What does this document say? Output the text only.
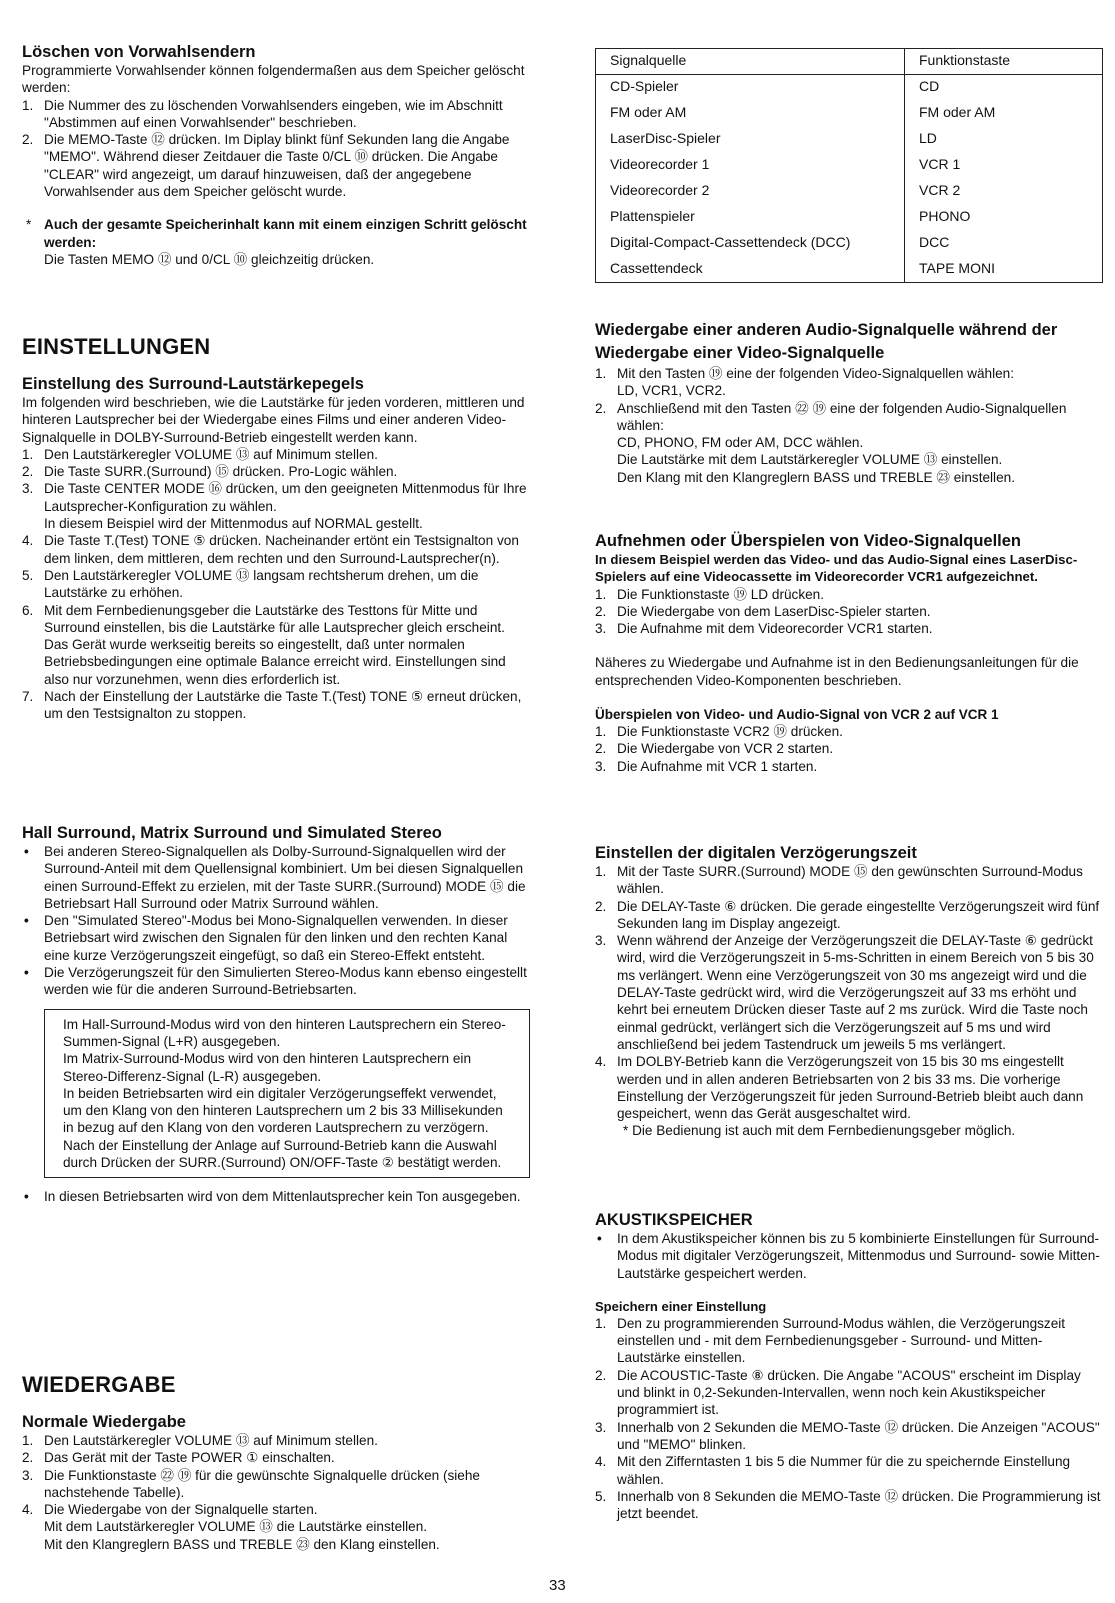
Löschen von Vorwahlsendern

Programmierte Vorwahlsender können folgendermaßen aus dem Speicher gelöscht werden:

1. Die Nummer des zu löschenden Vorwahlsenders eingeben, wie im Abschnitt "Abstimmen auf einen Vorwahlsender" beschrieben.
2. Die MEMO-Taste ⑫ drücken. Im Diplay blinkt fünf Sekunden lang die Angabe "MEMO". Während dieser Zeitdauer die Taste 0/CL ⑩ drücken. Die Angabe "CLEAR" wird angezeigt, um darauf hinzuweisen, daß der angegebene Vorwahlsender aus dem Speicher gelöscht wurde.
* Auch der gesamte Speicherinhalt kann mit einem einzigen Schritt gelöscht werden:
Die Tasten MEMO ⑫ und 0/CL ⑩ gleichzeitig drücken.
EINSTELLUNGEN
Einstellung des Surround-Lautstärkepegels

Im folgenden wird beschrieben, wie die Lautstärke für jeden vorderen, mittleren und hinteren Lautsprecher bei der Wiedergabe eines Films und einer anderen Video-Signalquelle in DOLBY-Surround-Betrieb eingestellt werden kann.

1. Den Lautstärkeregler VOLUME ⑬ auf Minimum stellen.
2. Die Taste SURR.(Surround) ⑮ drücken. Pro-Logic wählen.
3. Die Taste CENTER MODE ⑯ drücken, um den geeigneten Mittenmodus für Ihre Lautsprecher-Konfiguration zu wählen.
In diesem Beispiel wird der Mittenmodus auf NORMAL gestellt.
4. Die Taste T.(Test) TONE ⑤ drücken. Nacheinander ertönt ein Testsignalton von dem linken, dem mittleren, dem rechten und den Surround-Lautsprecher(n).
5. Den Lautstärkeregler VOLUME ⑬ langsam rechtsherum drehen, um die Lautstärke zu erhöhen.
6. Mit dem Fernbedienungsgeber die Lautstärke des Testtons für Mitte und Surround einstellen, bis die Lautstärke für alle Lautsprecher gleich erscheint.
Das Gerät wurde werkseitig bereits so eingestellt, daß unter normalen Betriebsbedingungen eine optimale Balance erreicht wird. Einstellungen sind also nur vorzunehmen, wenn dies erforderlich ist.
7. Nach der Einstellung der Lautstärke die Taste T.(Test) TONE ⑤ erneut drücken, um den Testsignalton zu stoppen.
Hall Surround, Matrix Surround und Simulated Stereo
• Bei anderen Stereo-Signalquellen als Dolby-Surround-Signalquellen wird der Surround-Anteil mit dem Quellensignal kombiniert. Um bei diesen Signalquellen einen Surround-Effekt zu erzielen, mit der Taste SURR.(Surround) MODE ⑮ die Betriebsart Hall Surround oder Matrix Surround wählen.
• Den "Simulated Stereo"-Modus bei Mono-Signalquellen verwenden. In dieser Betriebsart wird zwischen den Signalen für den linken und den rechten Kanal eine kurze Verzögerungszeit eingefügt, so daß ein Stereo-Effekt entsteht.
• Die Verzögerungszeit für den Simulierten Stereo-Modus kann ebenso eingestellt werden wie für die anderen Surround-Betriebsarten.

Im Hall-Surround-Modus wird von den hinteren Lautsprechern ein Stereo-Summen-Signal (L+R) ausgegeben.

Im Matrix-Surround-Modus wird von den hinteren Lautsprechern ein Stereo-Differenz-Signal (L-R) ausgegeben.

In beiden Betriebsarten wird ein digitaler Verzögerungseffekt verwendet, um den Klang von den hinteren Lautsprechern um 2 bis 33 Millisekunden in bezug auf den Klang von den vorderen Lautsprechern zu verzögern.

Nach der Einstellung der Anlage auf Surround-Betrieb kann die Auswahl durch Drücken der SURR.(Surround) ON/OFF-Taste ② bestätigt werden.

• In diesen Betriebsarten wird von dem Mittenlautsprecher kein Ton ausgegeben.
WIEDERGABE
Normale Wiedergabe
1. Den Lautstärkeregler VOLUME ⑬ auf Minimum stellen.
2. Das Gerät mit der Taste POWER ① einschalten.
3. Die Funktionstaste ㉒ ⑲ für die gewünschte Signalquelle drücken (siehe nachstehende Tabelle).
4. Die Wiedergabe von der Signalquelle starten.
Mit dem Lautstärkeregler VOLUME ⑬ die Lautstärke einstellen.
Mit den Klangreglern BASS und TREBLE ㉓ den Klang einstellen.
Signalquelle	Funktionstaste
CD-Spieler	CD
FM oder AM	FM oder AM
LaserDisc-Spieler	LD
Videorecorder 1	VCR 1
Videorecorder 2	VCR 2
Plattenspieler	PHONO
Digital-Compact-Cassettendeck (DCC)	DCC
Cassettendeck	TAPE MONI
Wiedergabe einer anderen Audio-Signalquelle während der Wiedergabe einer Video-Signalquelle
1. Mit den Tasten ⑲ eine der folgenden Video-Signalquellen wählen:
LD, VCR1, VCR2.
2. Anschließend mit den Tasten ㉒ ⑲ eine der folgenden Audio-Signalquellen wählen:
CD, PHONO, FM oder AM, DCC wählen.
Die Lautstärke mit dem Lautstärkeregler VOLUME ⑬ einstellen.
Den Klang mit den Klangreglern BASS und TREBLE ㉓ einstellen.
Aufnehmen oder Überspielen von Video-Signalquellen

In diesem Beispiel werden das Video- und das Audio-Signal eines LaserDisc-Spielers auf eine Videocassette im Videorecorder VCR1 aufgezeichnet.

1. Die Funktionstaste ⑲ LD drücken.
2. Die Wiedergabe von dem LaserDisc-Spieler starten.
3. Die Aufnahme mit dem Videorecorder VCR1 starten.

Näheres zu Wiedergabe und Aufnahme ist in den Bedienungsanleitungen für die entsprechenden Video-Komponenten beschrieben.

Überspielen von Video- und Audio-Signal von VCR 2 auf VCR 1
1. Die Funktionstaste VCR2 ⑲ drücken.
2. Die Wiedergabe von VCR 2 starten.
3. Die Aufnahme mit VCR 1 starten.
Einstellen der digitalen Verzögerungszeit
1. Mit der Taste SURR.(Surround) MODE ⑮ den gewünschten Surround-Modus wählen.
2. Die DELAY-Taste ⑥ drücken. Die gerade eingestellte Verzögerungszeit wird fünf Sekunden lang im Display angezeigt.
3. Wenn während der Anzeige der Verzögerungszeit die DELAY-Taste ⑥ gedrückt wird, wird die Verzögerungszeit in 5-ms-Schritten in einem Bereich von 5 bis 30 ms verlängert. Wenn eine Verzögerungszeit von 30 ms angezeigt wird und die DELAY-Taste gedrückt wird, wird die Verzögerungszeit auf 33 ms erhöht und kehrt bei erneutem Drücken dieser Taste auf 2 ms zurück. Wird die Taste noch einmal gedrückt, verlängert sich die Verzögerungszeit auf 5 ms und wird anschließend bei jedem Tastendruck um jeweils 5 ms verlängert.
4. Im DOLBY-Betrieb kann die Verzögerungszeit von 15 bis 30 ms eingestellt werden und in allen anderen Betriebsarten von 2 bis 33 ms. Die vorherige Einstellung der Verzögerungszeit für jeden Surround-Betrieb bleibt auch dann gespeichert, wenn das Gerät ausgeschaltet wird.
* Die Bedienung ist auch mit dem Fernbedienungsgeber möglich.
AKUSTIKSPEICHER
• In dem Akustikspeicher können bis zu 5 kombinierte Einstellungen für Surround-Modus mit digitaler Verzögerungszeit, Mittenmodus und Surround- sowie Mitten-Lautstärke gespeichert werden.
Speichern einer Einstellung
1. Den zu programmierenden Surround-Modus wählen, die Verzögerungszeit einstellen und - mit dem Fernbedienungsgeber - Surround- und Mitten-Lautstärke einstellen.
2. Die ACOUSTIC-Taste ⑧ drücken. Die Angabe "ACOUS" erscheint im Display und blinkt in 0,2-Sekunden-Intervallen, wenn noch kein Akustikspeicher programmiert ist.
3. Innerhalb von 2 Sekunden die MEMO-Taste ⑫ drücken. Die Anzeigen "ACOUS" und "MEMO" blinken.
4. Mit den Zifferntasten 1 bis 5 die Nummer für die zu speichernde Einstellung wählen.
5. Innerhalb von 8 Sekunden die MEMO-Taste ⑫ drücken. Die Programmierung ist jetzt beendet.
33
